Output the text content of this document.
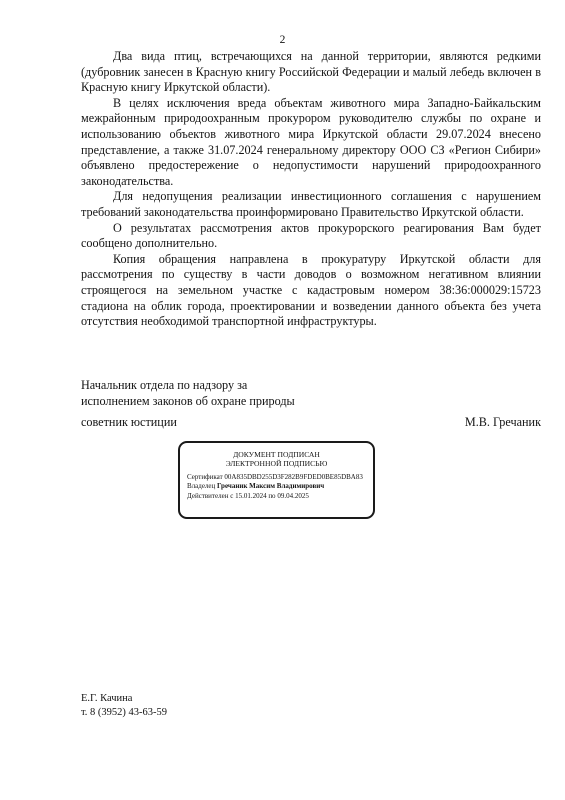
2

Два вида птиц, встречающихся на данной территории, являются редкими (дубровник занесен в Красную книгу Российской Федерации и малый лебедь включен в Красную книгу Иркутской области).

В целях исключения вреда объектам животного мира Западно-Байкальским межрайонным природоохранным прокурором руководителю службы по охране и использованию объектов животного мира Иркутской области 29.07.2024 внесено представление, а также 31.07.2024 генеральному директору ООО СЗ «Регион Сибири» объявлено предостережение о недопустимости нарушений природоохранного законодательства.

Для недопущения реализации инвестиционного соглашения с нарушением требований законодательства проинформировано Правительство Иркутской области.

О результатах рассмотрения актов прокурорского реагирования Вам будет сообщено дополнительно.

Копия обращения направлена в прокуратуру Иркутской области для рассмотрения по существу в части доводов о возможном негативном влиянии строящегося на земельном участке с кадастровым номером 38:36:000029:15723 стадиона на облик города, проектировании и возведении данного объекта без учета отсутствия необходимой транспортной инфраструктуры.

Начальник отдела по надзору за
исполнением законов об охране природы
советник юстиции	М.В. Гречаник
ДОКУМЕНТ ПОДПИСАН
ЭЛЕКТРОННОЙ ПОДПИСЬЮ
Сертификат 00A835DBD255D3F282B9FDED0BE85DBA83
Владелец Гречаник Максим Владимирович
Действителен с 15.01.2024 по 09.04.2025
Е.Г. Качина
т. 8 (3952) 43-63-59
